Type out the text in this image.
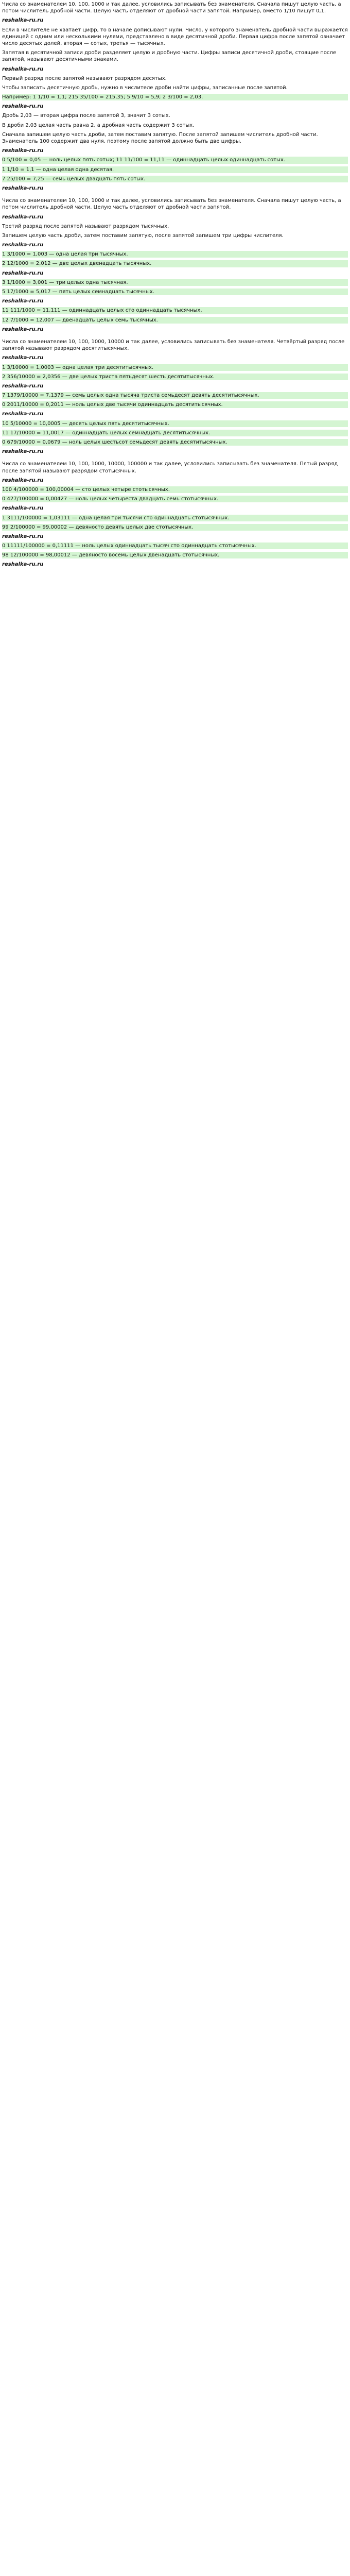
Числа со знаменателем 10, 100, 1000 и так далее, условились записывать без знаменателя. Сначала пишут целую часть, а потом числитель дробной части. Целую часть отделяют от дробной части запятой. Например, вместо 1/10 пишут 0,1.
reshalka-ru.ru
Если в числителе не хватает цифр, то в начале дописывают нули. Число, у которого знаменатель дробной части выражается единицей с одним или несколькими нулями, представлено в виде десятичной дроби. Первая цифра после запятой означает число десятых долей, вторая — сотых, третья — тысячных.
Запятая в десятичной записи дроби разделяет целую и дробную части. Цифры записи десятичной дроби, стоящие после запятой, называют десятичными знаками.
reshalka-ru.ru
Первый разряд после запятой называют разрядом десятых.
Чтобы записать десятичную дробь, нужно в числителе дроби найти цифры, записанные после запятой.
Например: 1 1/10 = 1,1; 215 35/100 = 215,35; 5 9/10 = 5,9; 2 3/100 = 2,03.
reshalka-ru.ru
Дробь 2,03 — вторая цифра после запятой 3, значит 3 сотых.
В дроби 2,03 целая часть равна 2, а дробная часть содержит 3 сотых.
Сначала запишем целую часть дроби, затем поставим запятую. После запятой запишем числитель дробной части. Знаменатель 100 содержит два нуля, поэтому после запятой должно быть две цифры.
reshalka-ru.ru
0 5/100 = 0,05 — ноль целых пять сотых; 11 11/100 = 11,11 — одиннадцать целых одиннадцать сотых.
1 1/10 = 1,1 — одна целая одна десятая.
7 25/100 = 7,25 — семь целых двадцать пять сотых.
reshalka-ru.ru
Числа со знаменателем 10, 100, 1000 и так далее, условились записывать без знаменателя. Сначала пишут целую часть, а потом числитель дробной части. Целую часть отделяют от дробной части запятой.
reshalka-ru.ru
Третий разряд после запятой называют разрядом тысячных.
Запишем целую часть дроби, затем поставим запятую, после запятой запишем три цифры числителя.
reshalka-ru.ru
1 3/1000 = 1,003 — одна целая три тысячных.
2 12/1000 = 2,012 — две целых двенадцать тысячных.
reshalka-ru.ru
3 1/1000 = 3,001 — три целых одна тысячная.
5 17/1000 = 5,017 — пять целых семнадцать тысячных.
reshalka-ru.ru
11 111/1000 = 11,111 — одиннадцать целых сто одиннадцать тысячных.
12 7/1000 = 12,007 — двенадцать целых семь тысячных.
reshalka-ru.ru
Числа со знаменателем 10, 100, 1000, 10000 и так далее, условились записывать без знаменателя. Четвёртый разряд после запятой называют разрядом десятитысячных.
reshalka-ru.ru
1 3/10000 = 1,0003 — одна целая три десятитысячных.
2 356/10000 = 2,0356 — две целых триста пятьдесят шесть десятитысячных.
reshalka-ru.ru
7 1379/10000 = 7,1379 — семь целых одна тысяча триста семьдесят девять десятитысячных.
0 2011/10000 = 0,2011 — ноль целых две тысячи одиннадцать десятитысячных.
reshalka-ru.ru
10 5/10000 = 10,0005 — десять целых пять десятитысячных.
11 17/10000 = 11,0017 — одиннадцать целых семнадцать десятитысячных.
0 679/10000 = 0,0679 — ноль целых шестьсот семьдесят девять десятитысячных.
reshalka-ru.ru
Числа со знаменателем 10, 100, 1000, 10000, 100000 и так далее, условились записывать без знаменателя. Пятый разряд после запятой называют разрядом стотысячных.
reshalka-ru.ru
100 4/100000 = 100,00004 — сто целых четыре стотысячных.
0 427/100000 = 0,00427 — ноль целых четыреста двадцать семь стотысячных.
reshalka-ru.ru
1 3111/100000 = 1,03111 — одна целая три тысячи сто одиннадцать стотысячных.
99 2/100000 = 99,00002 — девяносто девять целых две стотысячных.
reshalka-ru.ru
0 11111/100000 = 0,11111 — ноль целых одиннадцать тысяч сто одиннадцать стотысячных.
98 12/100000 = 98,00012 — девяносто восемь целых двенадцать стотысячных.
reshalka-ru.ru
